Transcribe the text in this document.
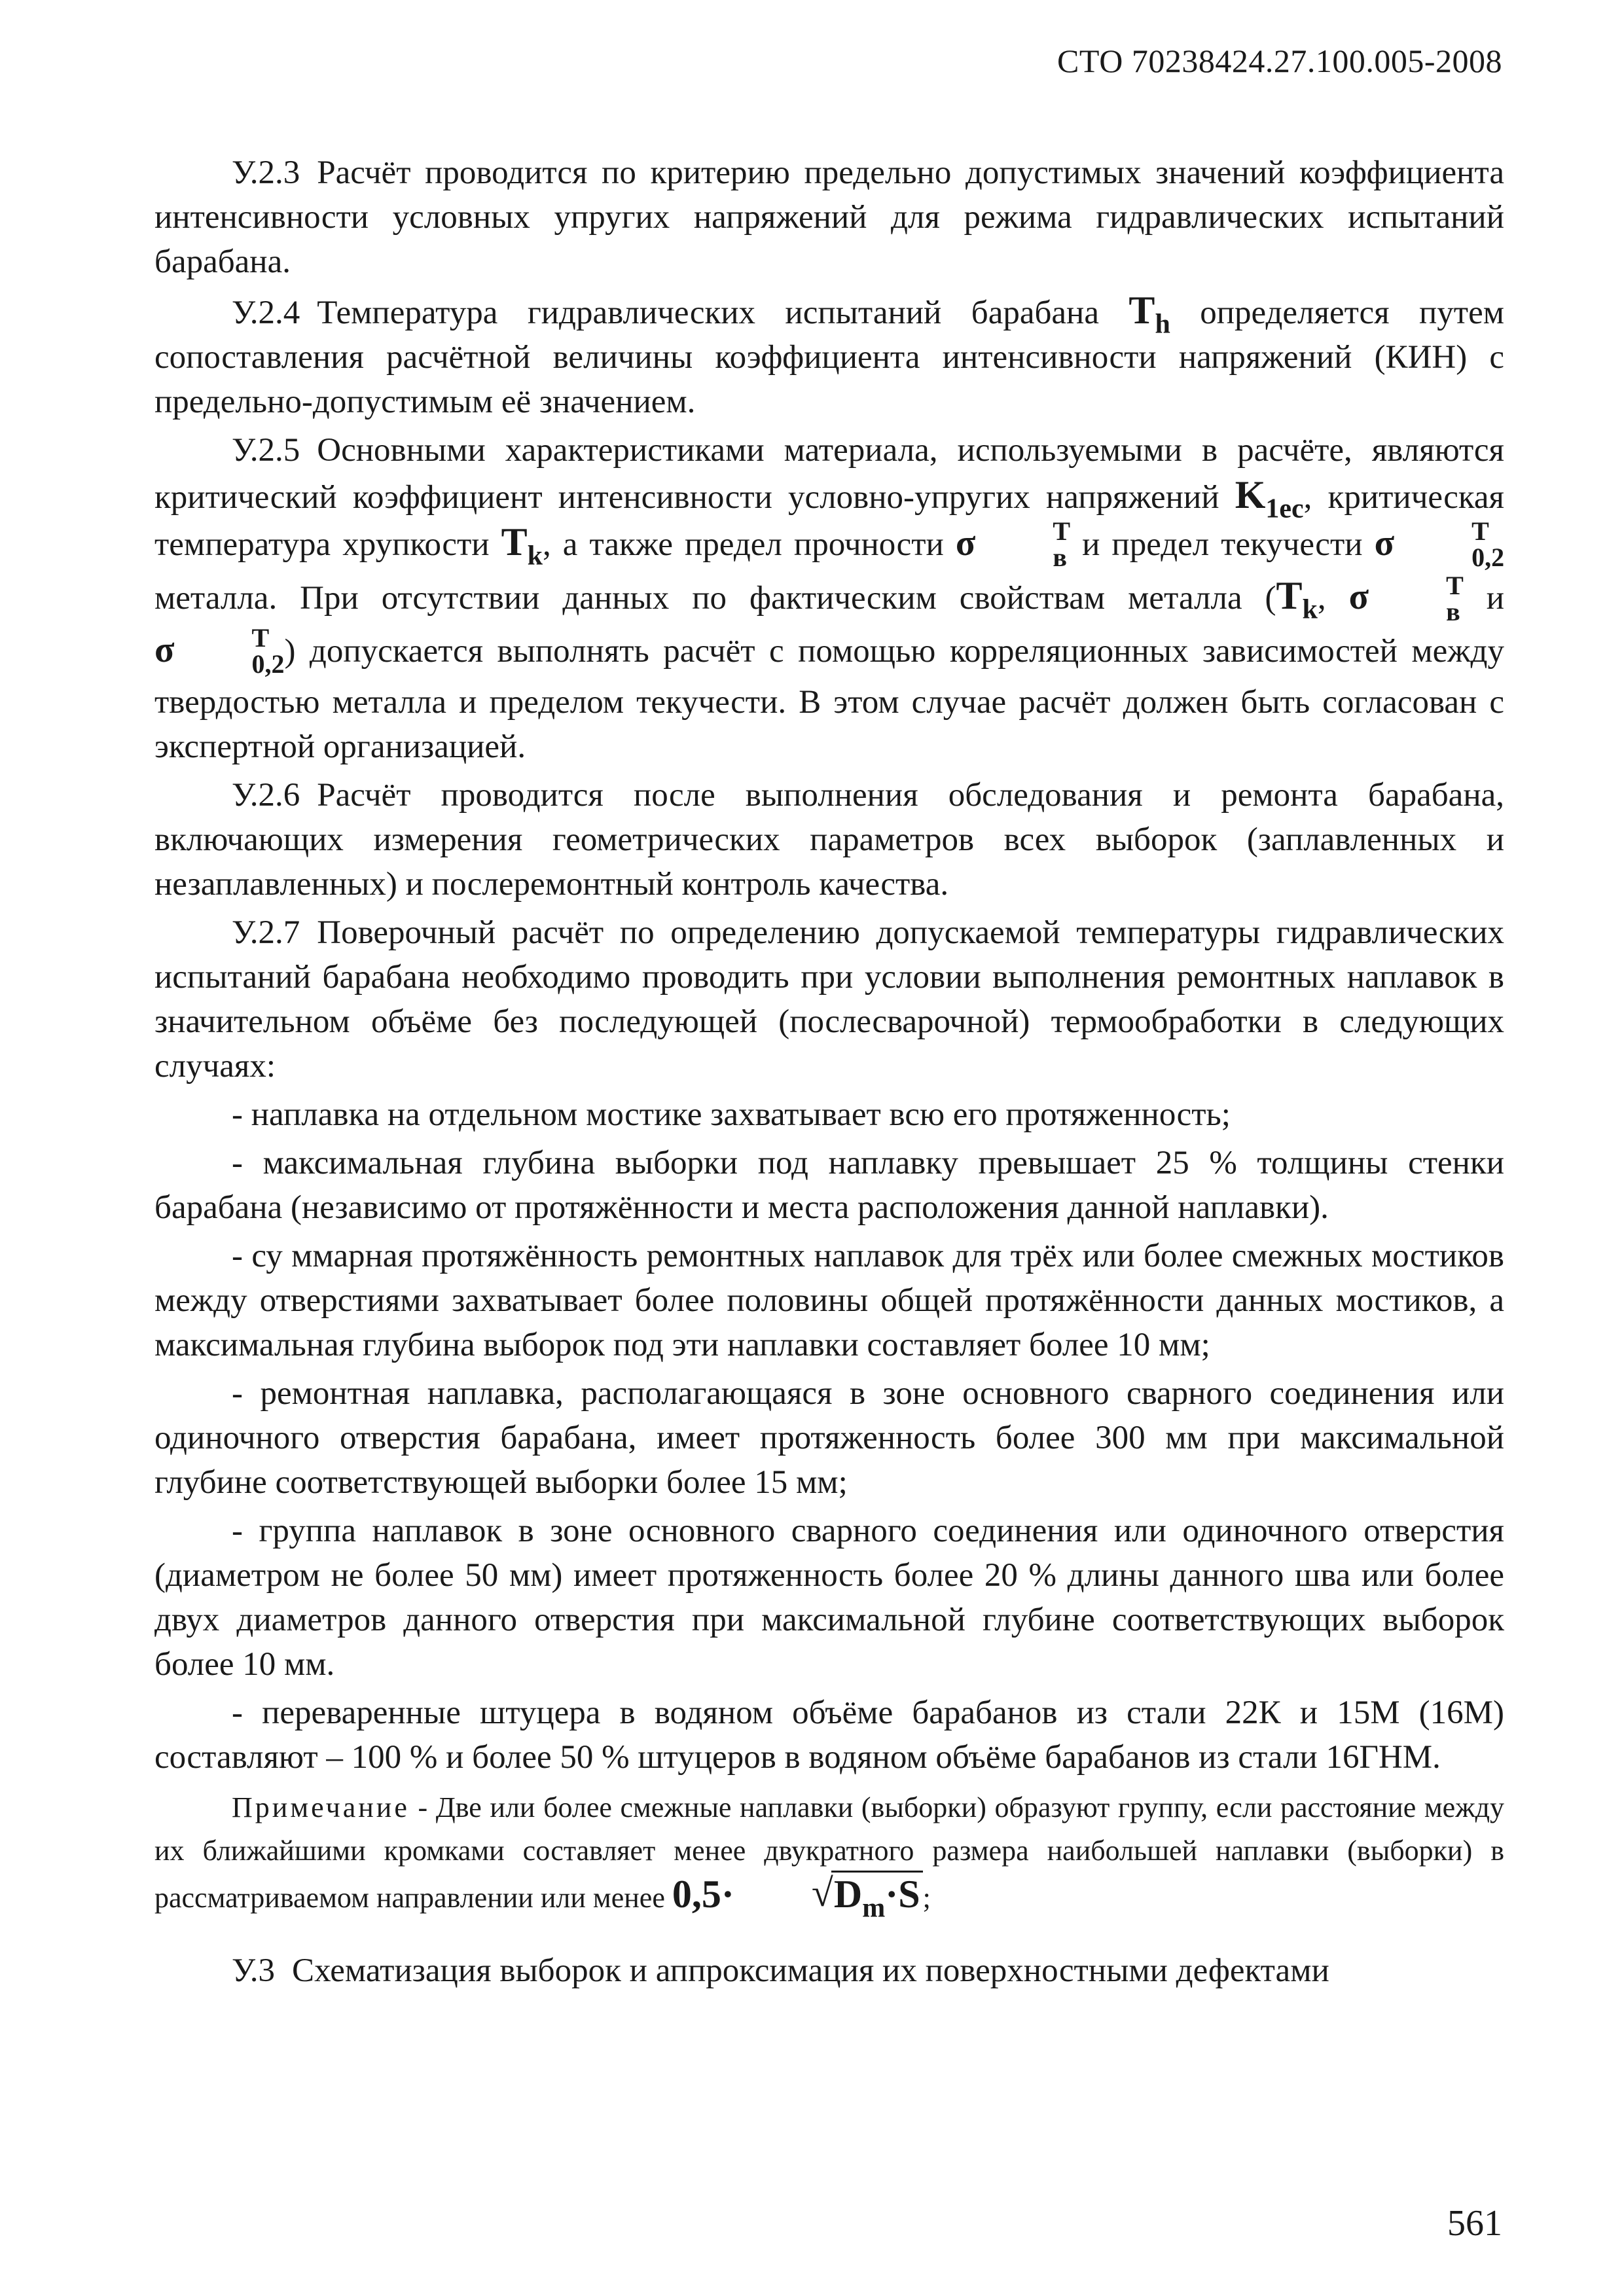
СТО 70238424.27.100.005-2008

У.2.3 Расчёт проводится по критерию предельно допустимых значений коэффициента интенсивности условных упругих напряжений для режима гидравлических испытаний барабана.

У.2.4 Температура гидравлических испытаний барабана $T_h$ определяется путем сопоставления расчётной величины коэффициента интенсивности напряжений (КИН) с предельно-допустимым её значением.

У.2.5 Основными характеристиками материала, используемыми в расчёте, являются критический коэффициент интенсивности условно-упругих напряжений $K_{1ec}$, критическая температура хрупкости $T_k$, а также предел прочности σ	T
в и предел текучести σ	T
0,2
металла. При отсутствии данных по фактическим свойствам металла ($T_k$, σ	T
в и σ	T
0,2 ) допускается выполнять расчёт с помощью корреляционных зависимостей между твердостью металла и пределом текучести. В этом случае расчёт должен быть согласован с экспертной организацией.

У.2.6 Расчёт проводится после выполнения обследования и ремонта барабана, включающих измерения геометрических параметров всех выборок (заплавленных и незаплавленных) и послеремонтный контроль качества.

У.2.7 Поверочный расчёт по определению допускаемой температуры гидравлических испытаний барабана необходимо проводить при условии выполнения ремонтных наплавок в значительном объёме без последующей (послесварочной) термообработки в следующих случаях:

- наплавка на отдельном мостике захватывает всю его протяженность;

- максимальная глубина выборки под наплавку превышает 25 % толщины стенки барабана (независимо от протяжённости и места расположения данной наплавки).

- су ммарная протяжённость ремонтных наплавок для трёх или более смежных мостиков между отверстиями захватывает более половины общей протяжённости данных мостиков, а максимальная глубина выборок под эти наплавки составляет более 10 мм;

- ремонтная наплавка, располагающаяся в зоне основного сварного соединения или одиночного отверстия барабана, имеет протяженность более 300 мм при максимальной глубине соответствующей выборки более 15 мм;

- группа наплавок в зоне основного сварного соединения или одиночного отверстия (диаметром не более 50 мм) имеет протяженность более 20 % длины данного шва или более двух диаметров данного отверстия при максимальной глубине соответствующих выборок более 10 мм.

- переваренные штуцера в водяном объёме барабанов из стали 22К и 15М (16М) составляют – 100 % и более 50 % штуцеров в водяном объёме барабанов из стали 16ГНМ.

Примечание - Две или более смежные наплавки (выборки) образуют группу, если расстояние между их ближайшими кромками составляет менее двукратного размера наибольшей наплавки (выборки) в рассматриваемом направлении или менее 0,5·	√ $D_m\cdot S$;

У.3 Схематизация выборок и аппроксимация их поверхностными дефектами

561
